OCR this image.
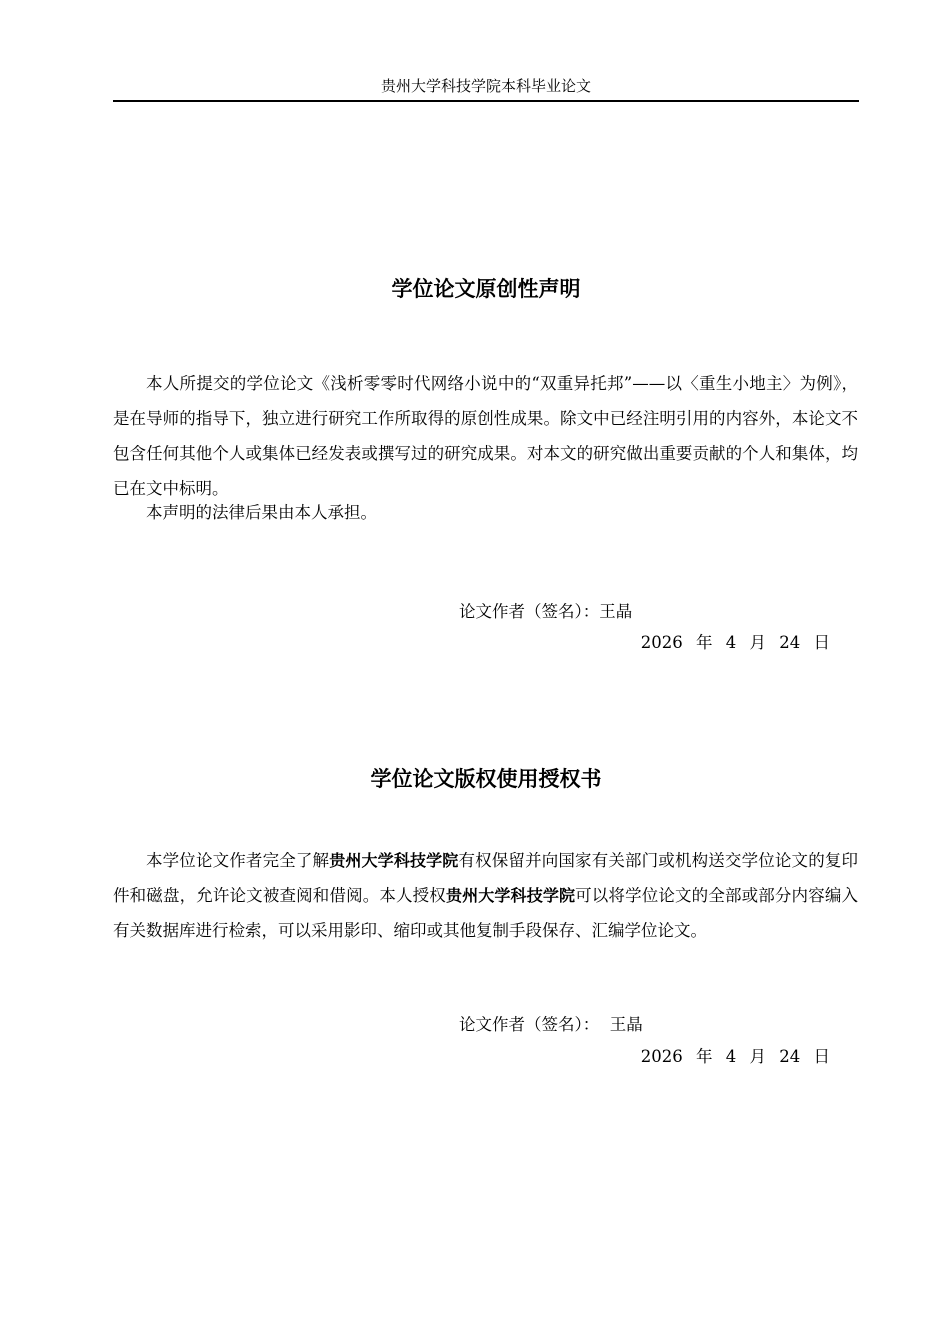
贵州大学科技学院本科毕业论文
学位论文原创性声明

本人所提交的学位论文《浅析零零时代网络小说中的“双重异托邦”——以〈重生小地主〉为例》，是在导师的指导下，独立进行研究工作所取得的原创性成果。除文中已经注明引用的内容外，本论文不包含任何其他个人或集体已经发表或撰写过的研究成果。对本文的研究做出重要贡献的个人和集体，均已在文中标明。

本声明的法律后果由本人承担。

论文作者（签名）：王晶
2026 年 4 月 24 日
学位论文版权使用授权书

本学位论文作者完全了解贵州大学科技学院有权保留并向国家有关部门或机构送交学位论文的复印件和磁盘，允许论文被查阅和借阅。本人授权贵州大学科技学院可以将学位论文的全部或部分内容编入有关数据库进行检索，可以采用影印、缩印或其他复制手段保存、汇编学位论文。

论文作者（签名）： 王晶
2026 年 4 月 24 日
